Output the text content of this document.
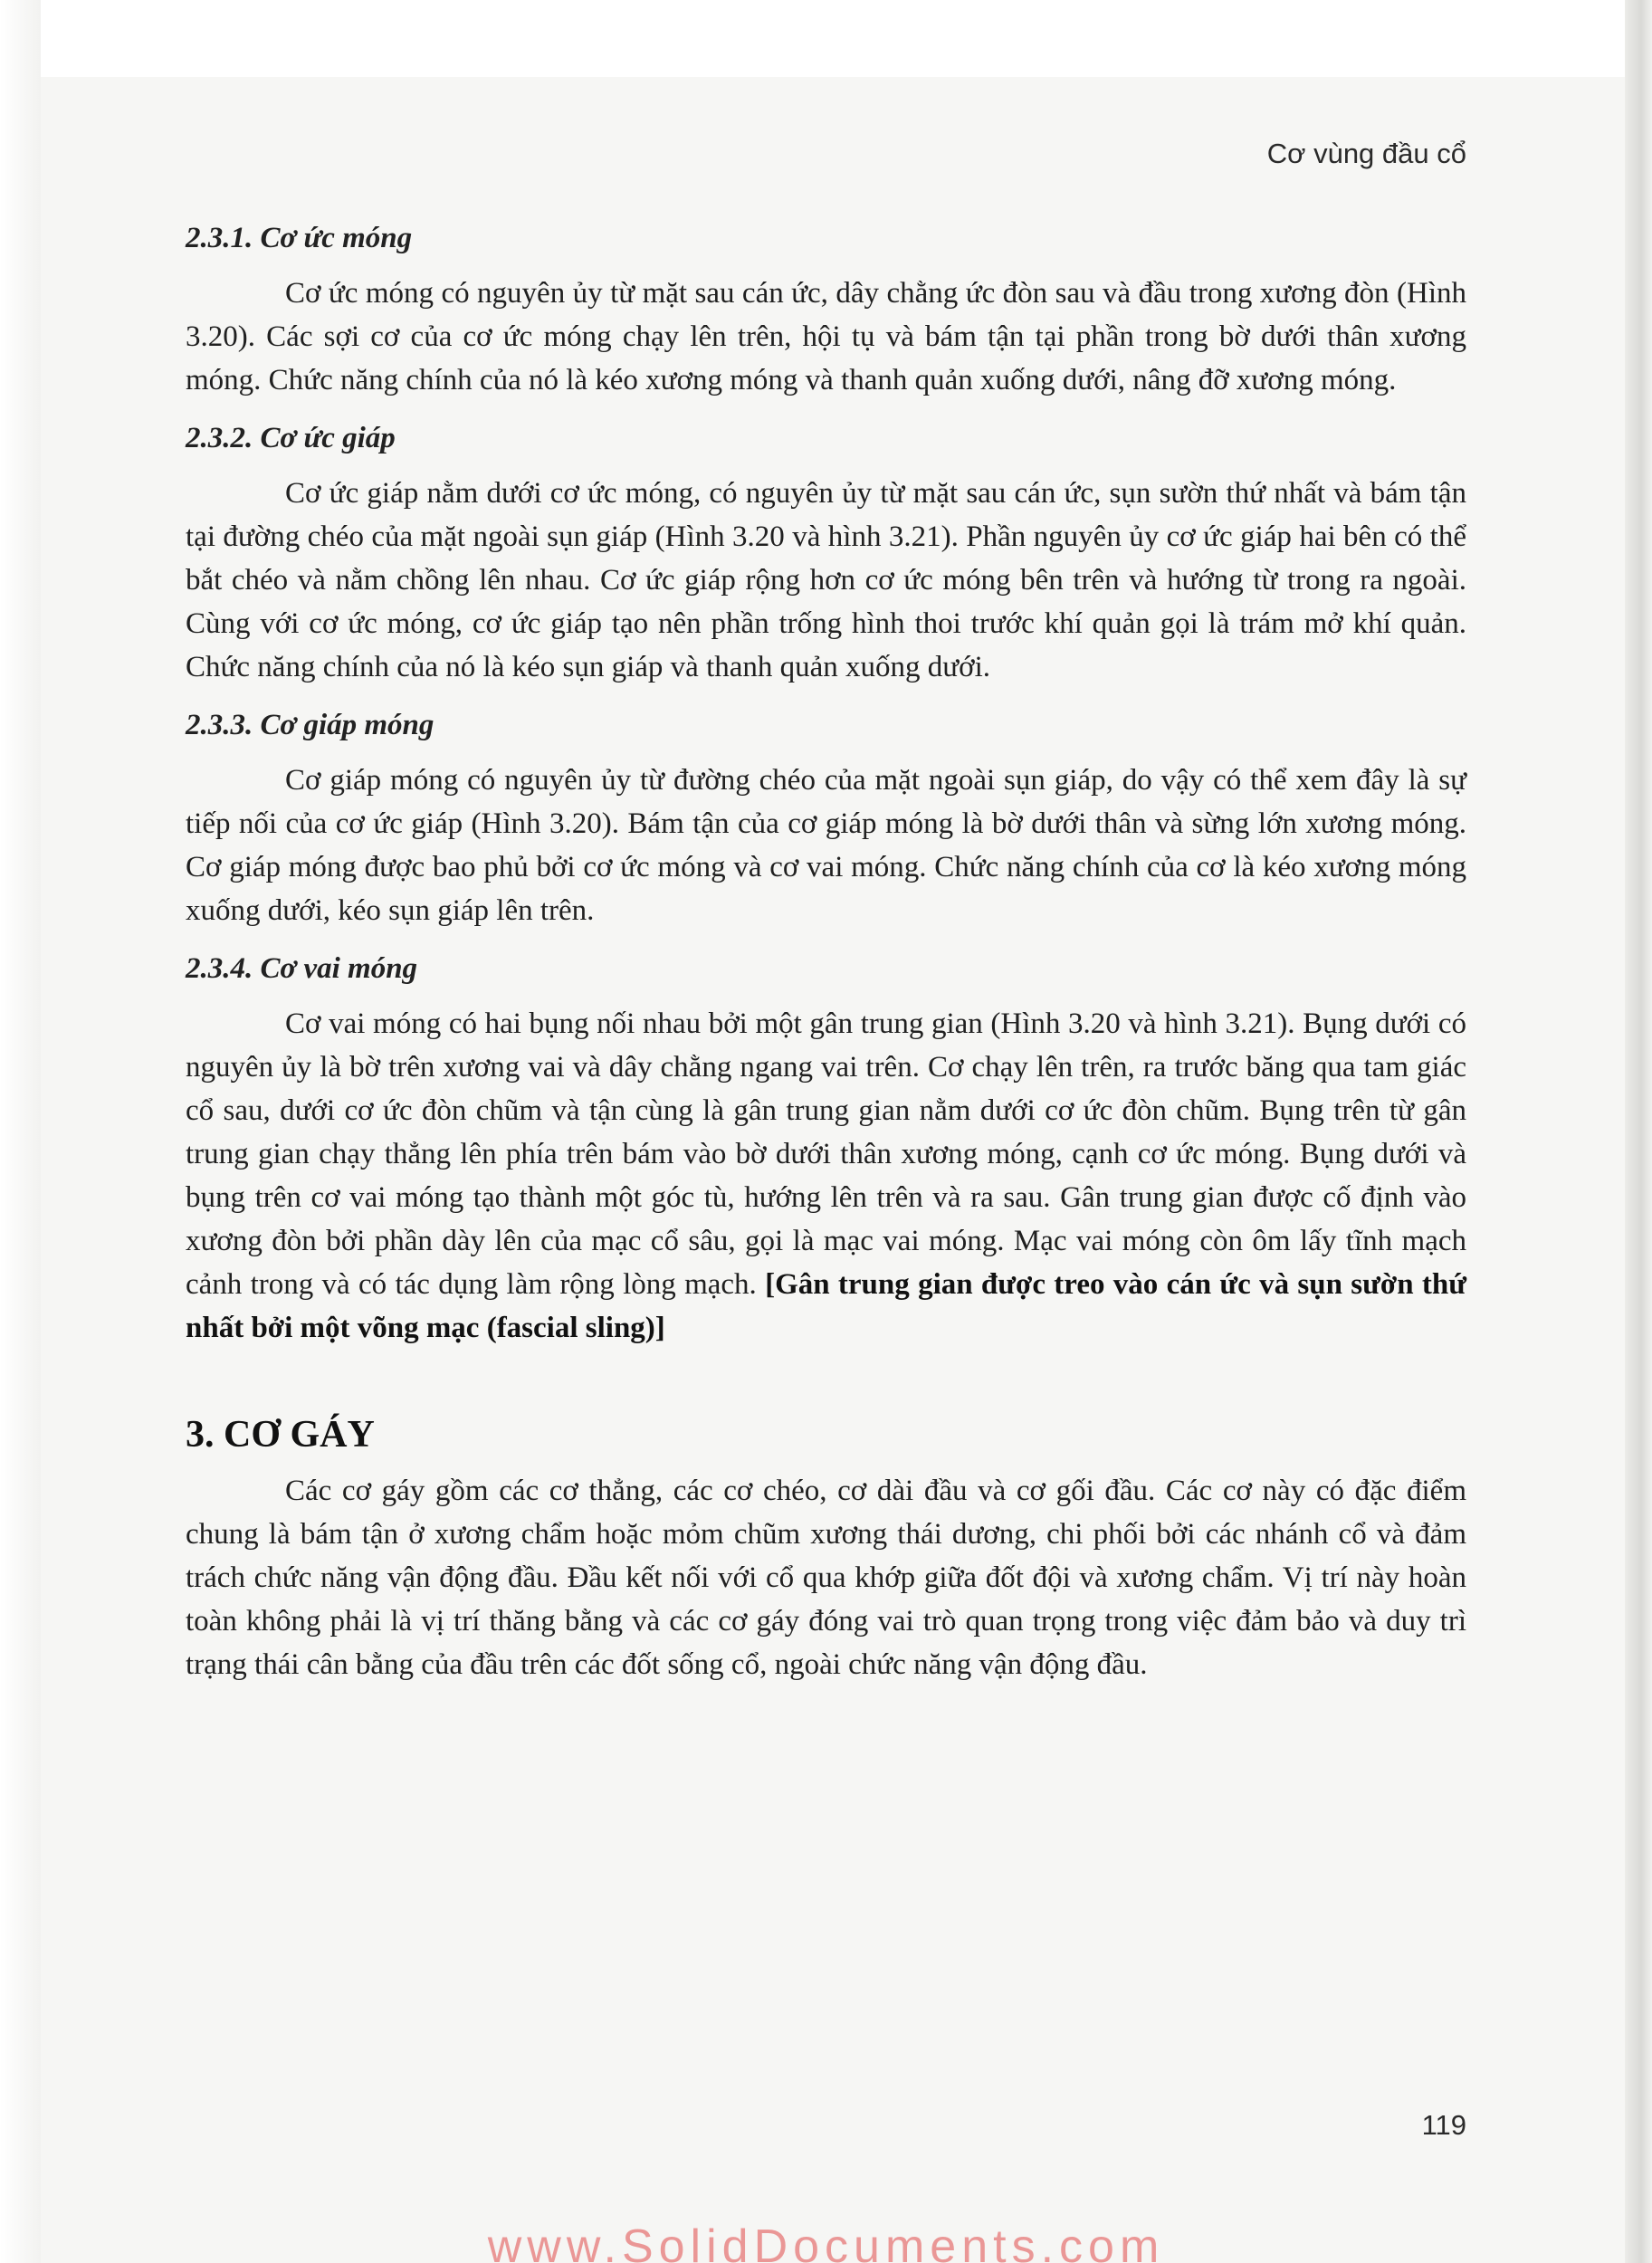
Cơ vùng đầu cổ
2.3.1. Cơ ức móng

Cơ ức móng có nguyên ủy từ mặt sau cán ức, dây chằng ức đòn sau và đầu trong xương đòn (Hình 3.20). Các sợi cơ của cơ ức móng chạy lên trên, hội tụ và bám tận tại phần trong bờ dưới thân xương móng. Chức năng chính của nó là kéo xương móng và thanh quản xuống dưới, nâng đỡ xương móng.

2.3.2. Cơ ức giáp

Cơ ức giáp nằm dưới cơ ức móng, có nguyên ủy từ mặt sau cán ức, sụn sườn thứ nhất và bám tận tại đường chéo của mặt ngoài sụn giáp (Hình 3.20 và hình 3.21). Phần nguyên ủy cơ ức giáp hai bên có thể bắt chéo và nằm chồng lên nhau. Cơ ức giáp rộng hơn cơ ức móng bên trên và hướng từ trong ra ngoài. Cùng với cơ ức móng, cơ ức giáp tạo nên phần trống hình thoi trước khí quản gọi là trám mở khí quản. Chức năng chính của nó là kéo sụn giáp và thanh quản xuống dưới.

2.3.3. Cơ giáp móng

Cơ giáp móng có nguyên ủy từ đường chéo của mặt ngoài sụn giáp, do vậy có thể xem đây là sự tiếp nối của cơ ức giáp (Hình 3.20). Bám tận của cơ giáp móng là bờ dưới thân và sừng lớn xương móng. Cơ giáp móng được bao phủ bởi cơ ức móng và cơ vai móng. Chức năng chính của cơ là kéo xương móng xuống dưới, kéo sụn giáp lên trên.

2.3.4. Cơ vai móng

Cơ vai móng có hai bụng nối nhau bởi một gân trung gian (Hình 3.20 và hình 3.21). Bụng dưới có nguyên ủy là bờ trên xương vai và dây chằng ngang vai trên. Cơ chạy lên trên, ra trước băng qua tam giác cổ sau, dưới cơ ức đòn chũm và tận cùng là gân trung gian nằm dưới cơ ức đòn chũm. Bụng trên từ gân trung gian chạy thẳng lên phía trên bám vào bờ dưới thân xương móng, cạnh cơ ức móng. Bụng dưới và bụng trên cơ vai móng tạo thành một góc tù, hướng lên trên và ra sau. Gân trung gian được cố định vào xương đòn bởi phần dày lên của mạc cổ sâu, gọi là mạc vai móng. Mạc vai móng còn ôm lấy tĩnh mạch cảnh trong và có tác dụng làm rộng lòng mạch. [Gân trung gian được treo vào cán ức và sụn sườn thứ nhất bởi một võng mạc (fascial sling)]

3. CƠ GÁY

Các cơ gáy gồm các cơ thẳng, các cơ chéo, cơ dài đầu và cơ gối đầu. Các cơ này có đặc điểm chung là bám tận ở xương chẩm hoặc mỏm chũm xương thái dương, chi phối bởi các nhánh cổ và đảm trách chức năng vận động đầu. Đầu kết nối với cổ qua khớp giữa đốt đội và xương chẩm. Vị trí này hoàn toàn không phải là vị trí thăng bằng và các cơ gáy đóng vai trò quan trọng trong việc đảm bảo và duy trì trạng thái cân bằng của đầu trên các đốt sống cổ, ngoài chức năng vận động đầu.

119
www.SolidDocuments.com
